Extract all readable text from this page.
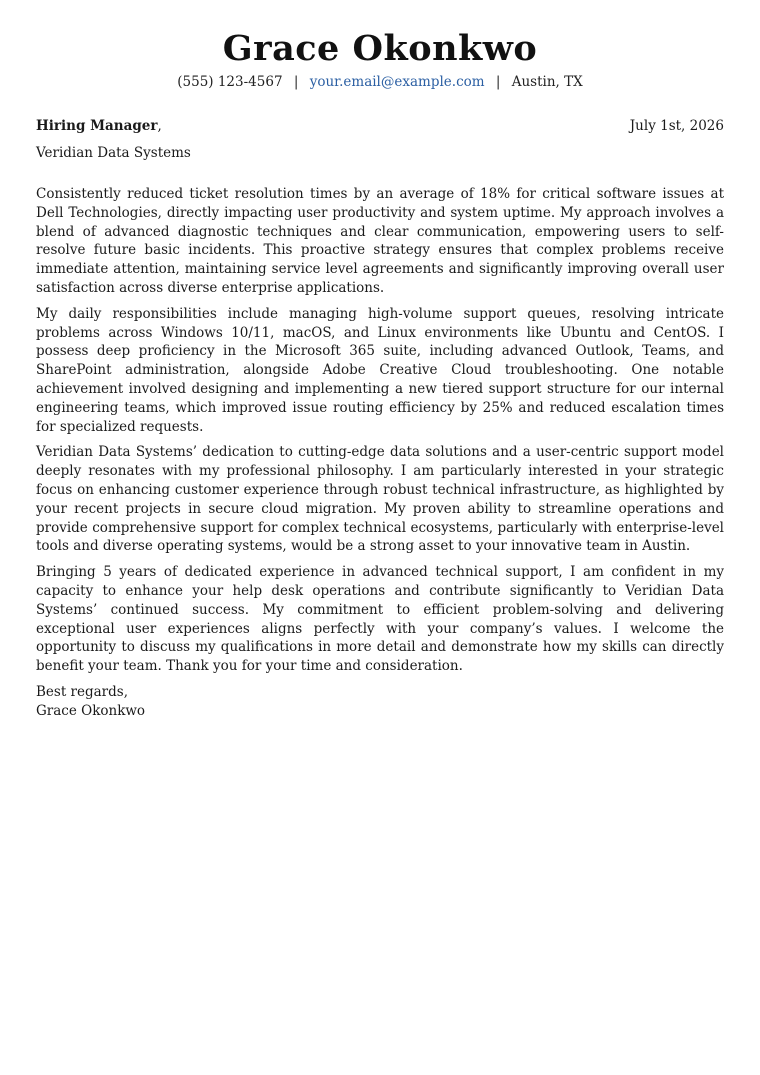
Grace Okonkwo
(555) 123-4567 | your.email@example.com | Austin, TX
Hiring Manager,	July 1st, 2026
Veridian Data Systems

Consistently reduced ticket resolution times by an average of 18% for critical software issues at Dell Technologies, directly impacting user productivity and system uptime. My approach involves a blend of advanced diagnostic techniques and clear communication, empowering users to self-resolve future basic incidents. This proactive strategy ensures that complex problems receive immediate attention, maintaining service level agreements and significantly improving overall user satisfaction across diverse enterprise applications.

My daily responsibilities include managing high-volume support queues, resolving intricate problems across Windows 10/11, macOS, and Linux environments like Ubuntu and CentOS. I possess deep proficiency in the Microsoft 365 suite, including advanced Outlook, Teams, and SharePoint administration, alongside Adobe Creative Cloud troubleshooting. One notable achievement involved designing and implementing a new tiered support structure for our internal engineering teams, which improved issue routing efficiency by 25% and reduced escalation times for specialized requests.

Veridian Data Systems’ dedication to cutting-edge data solutions and a user-centric support model deeply resonates with my professional philosophy. I am particularly interested in your strategic focus on enhancing customer experience through robust technical infrastructure, as highlighted by your recent projects in secure cloud migration. My proven ability to streamline operations and provide comprehensive support for complex technical ecosystems, particularly with enterprise-level tools and diverse operating systems, would be a strong asset to your innovative team in Austin.

Bringing 5 years of dedicated experience in advanced technical support, I am confident in my capacity to enhance your help desk operations and contribute significantly to Veridian Data Systems’ continued success. My commitment to efficient problem-solving and delivering exceptional user experiences aligns perfectly with your company’s values. I welcome the opportunity to discuss my qualifications in more detail and demonstrate how my skills can directly benefit your team. Thank you for your time and consideration.

Best regards,
Grace Okonkwo
